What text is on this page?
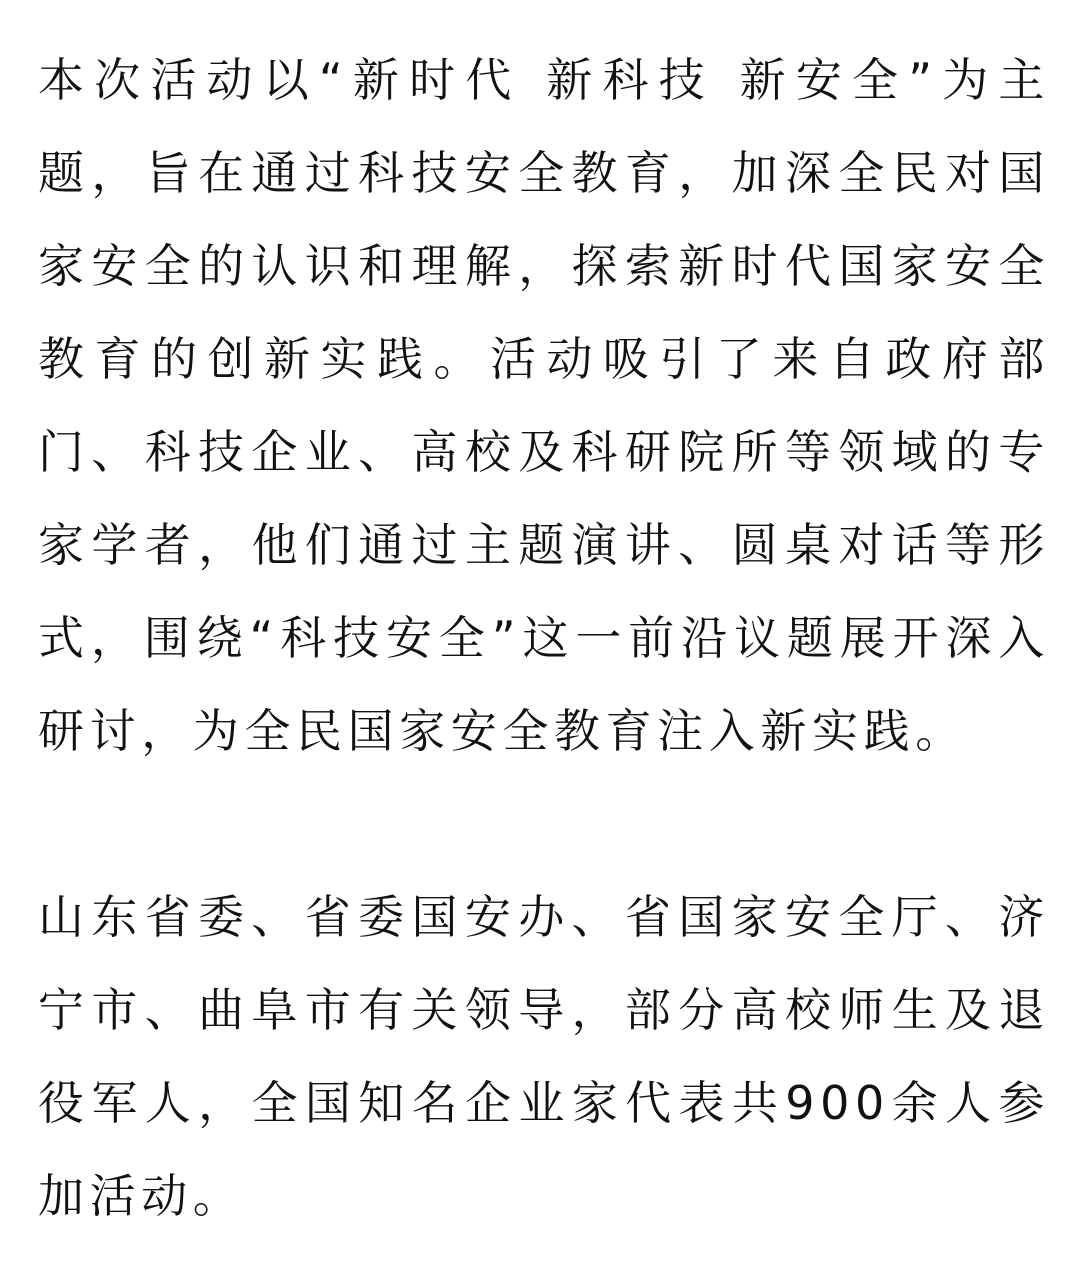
本次活动以“新时代 新科技 新安全”为主题，旨在通过科技安全教育，加深全民对国家安全的认识和理解，探索新时代国家安全教育的创新实践。活动吸引了来自政府部门、科技企业、高校及科研院所等领域的专家学者，他们通过主题演讲、圆桌对话等形式，围绕“科技安全”这一前沿议题展开深入研讨，为全民国家安全教育注入新实践。

山东省委、省委国安办、省国家安全厅、济宁市、曲阜市有关领导，部分高校师生及退役军人，全国知名企业家代表共900余人参加活动。
